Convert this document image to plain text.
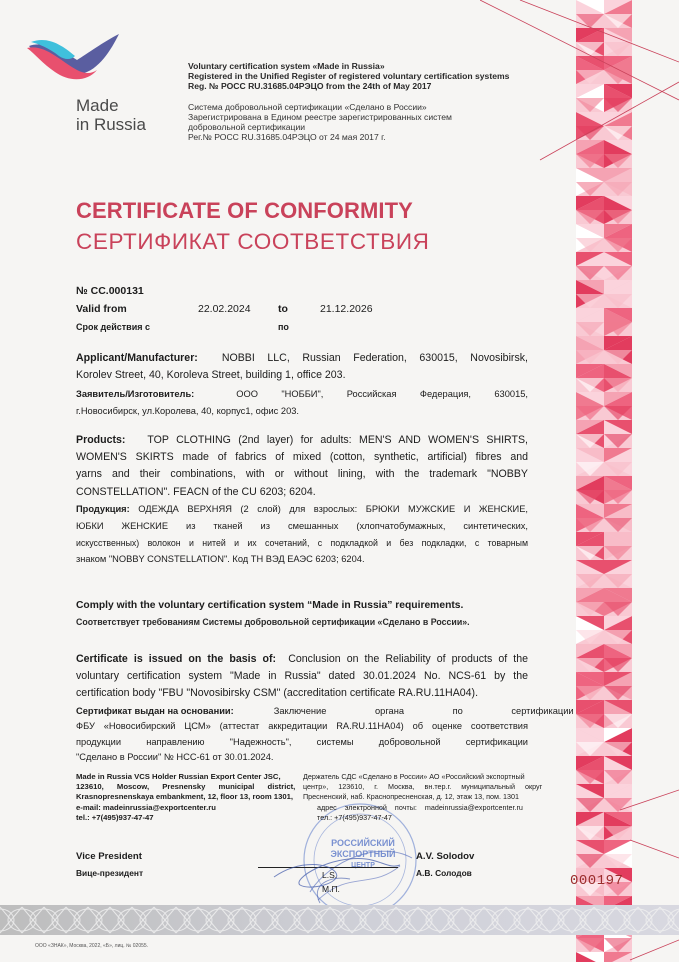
Made
in Russia
Voluntary certification system «Made in Russia»
Registered in the Unified Register of registered voluntary certification systems
Reg. № РОСС RU.31685.04РЭЦО from the 24th of May 2017
Система добровольной сертификации «Сделано в России»
Зарегистрирована в Едином реестре зарегистрированных систем
добровольной сертификации
Рег.№ РОСС RU.31685.04РЭЦО от 24 мая 2017 г.
CERTIFICATE OF CONFORMITY
СЕРТИФИКАТ СООТВЕТСТВИЯ
№ CC.000131
Valid from	22.02.2024	to	21.12.2026
Срок действия с	по
Applicant/Manufacturer: NOBBI LLC, Russian Federation, 630015, Novosibirsk,
Korolev Street, 40, Koroleva Street, building 1, office 203.
Заявитель/Изготовитель:	ООО "НОББИ", Российская Федерация, 630015,
г.Новосибирск, ул.Королева, 40, корпус1, офис 203.
Products: TOP CLOTHING (2nd layer) for adults: MEN'S AND WOMEN'S SHIRTS,
WOMEN'S SKIRTS made of fabrics of mixed (cotton, synthetic, artificial) fibres and
yarns and their combinations, with or without lining, with the trademark "NOBBY
CONSTELLATION". FEACN of the CU 6203; 6204.
Продукция: ОДЕЖДА ВЕРХНЯЯ (2 слой) для взрослых: БРЮКИ МУЖСКИЕ И ЖЕНСКИЕ,
ЮБКИ ЖЕНСКИЕ из тканей из смешанных (хлопчатобумажных, синтетических,
искусственных) волокон и нитей и их сочетаний, с подкладкой и без подкладки, с товарным
знаком "NOBBY CONSTELLATION". Код ТН ВЭД ЕАЭС 6203; 6204.
Comply with the voluntary certification system “Made in Russia” requirements.
Соответствует требованиям Системы добровольной сертификации «Сделано в России».
Certificate is issued on the basis of: Conclusion on the Reliability of products of the
voluntary certification system "Made in Russia" dated 30.01.2024 No. NCS-61 by the
certification body "FBU "Novosibirsky CSM" (accreditation certificate RA.RU.11HA04).
Сертификат выдан на основании:	Заключение органа по сертификации
ФБУ «Новосибирский ЦСМ» (аттестат аккредитации RA.RU.11HA04) об оценке соответствия
продукции направлению "Надежность", системы добровольной сертификации
"Сделано в России" № НСС-61 от 30.01.2024.
РОССИЙСКИЙ
ЭКСПОРТНЫЙ
ЦЕНТР
Made in Russia VCS Holder Russian Export Center JSC,
123610, Moscow, Presnensky municipal district,
Krasnopresnenskaya embankment, 12, floor 13, room 1301,
e-mail: madeinrussia@exportcenter.ru
tel.: +7(495)937-47-47
Держатель СДС «Сделано в России» АО «Российский экспортный
центр», 123610, г. Москва, вн.тер.г. муниципальный округ
Пресненский, наб. Краснопресненская, д. 12, этаж 13, пом. 1301
адрес электронной почты: madeinrussia@exportcenter.ru
тел.: +7(495)937-47-47
Vice President
Вице-президент	L.S.
М.П.
A.V. Solodov
А.В. Солодов	000197
ООО «ЗНАК», Москва, 2022, «Б», лиц. № 02055.
